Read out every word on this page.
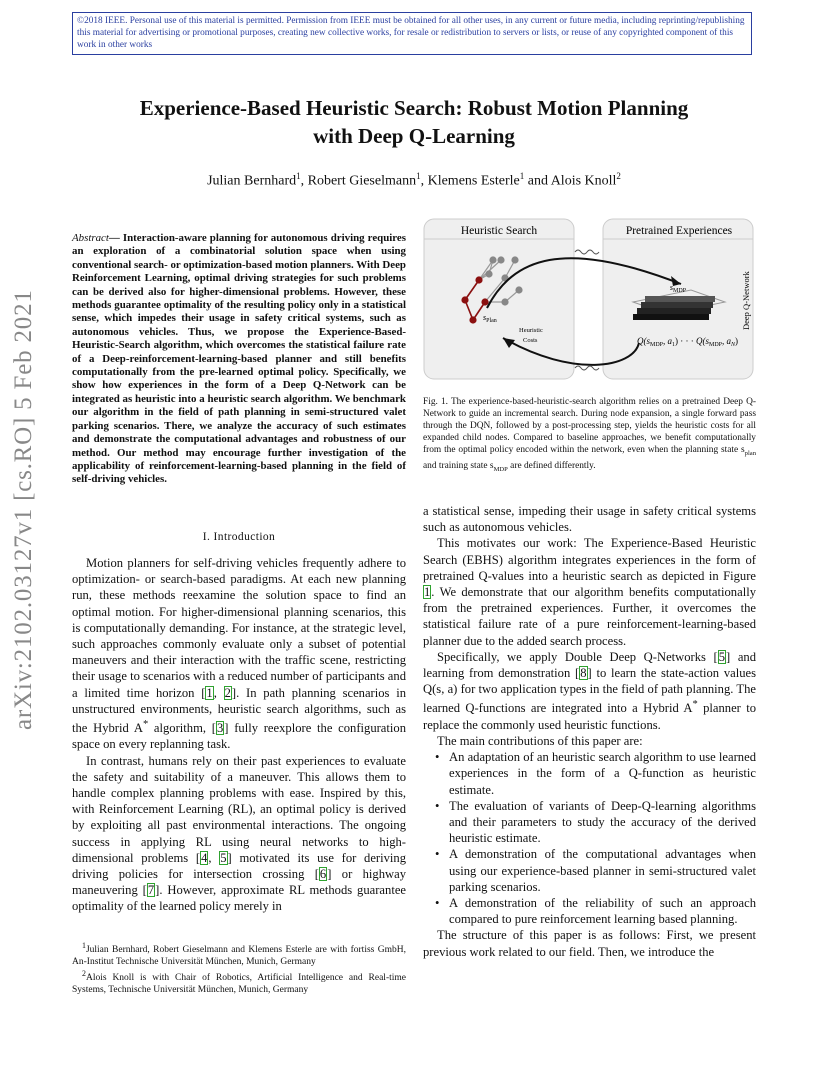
©2018 IEEE. Personal use of this material is permitted. Permission from IEEE must be obtained for all other uses, in any current or future media, including reprinting/republishing this material for advertising or promotional purposes, creating new collective works, for resale or redistribution to servers or lists, or reuse of any copyrighted component of this work in other works
Experience-Based Heuristic Search: Robust Motion Planning
with Deep Q-Learning
Julian Bernhard$^1$, Robert Gieselmann$^1$, Klemens Esterle$^1$ and Alois Knoll$^2$
arXiv:2102.03127v1 [cs.RO] 5 Feb 2021
Abstract— Interaction-aware planning for autonomous driving requires an exploration of a combinatorial solution space when using conventional search- or optimization-based motion planners. With Deep Reinforcement Learning, optimal driving strategies for such problems can be derived also for higher-dimensional problems. However, these methods guarantee optimality of the resulting policy only in a statistical sense, which impedes their usage in safety critical systems, such as autonomous vehicles. Thus, we propose the Experience-Based-Heuristic-Search algorithm, which overcomes the statistical failure rate of a Deep-reinforcement-learning-based planner and still benefits computationally from the pre-learned optimal policy. Specifically, we show how experiences in the form of a Deep Q-Network can be integrated as heuristic into a heuristic search algorithm. We benchmark our algorithm in the field of path planning in semi-structured valet parking scenarios. There, we analyze the accuracy of such estimates and demonstrate the computational advantages and robustness of our method. Our method may encourage further investigation of the applicability of reinforcement-learning-based planning in the field of self-driving vehicles.
I. Introduction

Motion planners for self-driving vehicles frequently adhere to optimization- or search-based paradigms. At each new planning run, these methods reexamine the solution space to find an optimal motion. For higher-dimensional planning scenarios, this is computationally demanding. For instance, at the strategic level, such approaches commonly evaluate only a subset of potential maneuvers and their interaction with the traffic scene, restricting their usage to scenarios with a reduced number of participants and a limited time horizon [1, 2]. In path planning scenarios in unstructured environments, heuristic search algorithms, such as the Hybrid A* algorithm, [3] fully reexplore the configuration space on every replanning task.

In contrast, humans rely on their past experiences to evaluate the safety and suitability of a maneuver. This allows them to handle complex planning problems with ease. Inspired by this, with Reinforcement Learning (RL), an optimal policy is derived by exploiting all past environmental interactions. The ongoing success in applying RL using neural networks to high-dimensional problems [4, 5] motivated its use for deriving driving policies for intersection crossing [6] or highway maneuvering [7]. However, approximate RL methods guarantee optimality of the learned policy merely in

$^1$Julian Bernhard, Robert Gieselmann and Klemens Esterle are with fortiss GmbH, An-Institut Technische Universität München, Munich, Germany

$^2$Alois Knoll is with Chair of Robotics, Artificial Intelligence and Real-time Systems, Technische Universität München, Munich, Germany

Heuristic Search	Pretrained Experiences
$s_{Plan}$
Heuristic
Costs
$s_{MDP}$
$Q(s_{MDP}$, $a_1$) · · · $Q(s_{MDP}$, $a_N$)
Deep Q-Network
Fig. 1. The experience-based-heuristic-search algorithm relies on a pretrained Deep Q-Network to guide an incremental search. During node expansion, a single forward pass through the DQN, followed by a post-processing step, yields the heuristic costs for all expanded child nodes. Compared to baseline approaches, we benefit computationally from the optimal policy encoded within the network, even when the planning state $s_{plan}$ and training state $s_{MDP}$ are defined differently.

a statistical sense, impeding their usage in safety critical systems such as autonomous vehicles.

This motivates our work: The Experience-Based Heuristic Search (EBHS) algorithm integrates experiences in the form of pretrained Q-values into a heuristic search as depicted in Figure 1. We demonstrate that our algorithm benefits computationally from the pretrained experiences. Further, it overcomes the statistical failure rate of a pure reinforcement-learning-based planner due to the added search process.

Specifically, we apply Double Deep Q-Networks [5] and learning from demonstration [8] to learn the state-action values Q(s, a) for two application types in the field of path planning. The learned Q-functions are integrated into a Hybrid A* planner to replace the commonly used heuristic functions.

The main contributions of this paper are:

• An adaptation of an heuristic search algorithm to use learned experiences in the form of a Q-function as heuristic estimate.
• The evaluation of variants of Deep-Q-learning algorithms and their parameters to study the accuracy of the derived heuristic estimate.
• A demonstration of the computational advantages when using our experience-based planner in semi-structured valet parking scenarios.
• A demonstration of the reliability of such an approach compared to pure reinforcement learning based planning.

The structure of this paper is as follows: First, we present previous work related to our field. Then, we introduce the
